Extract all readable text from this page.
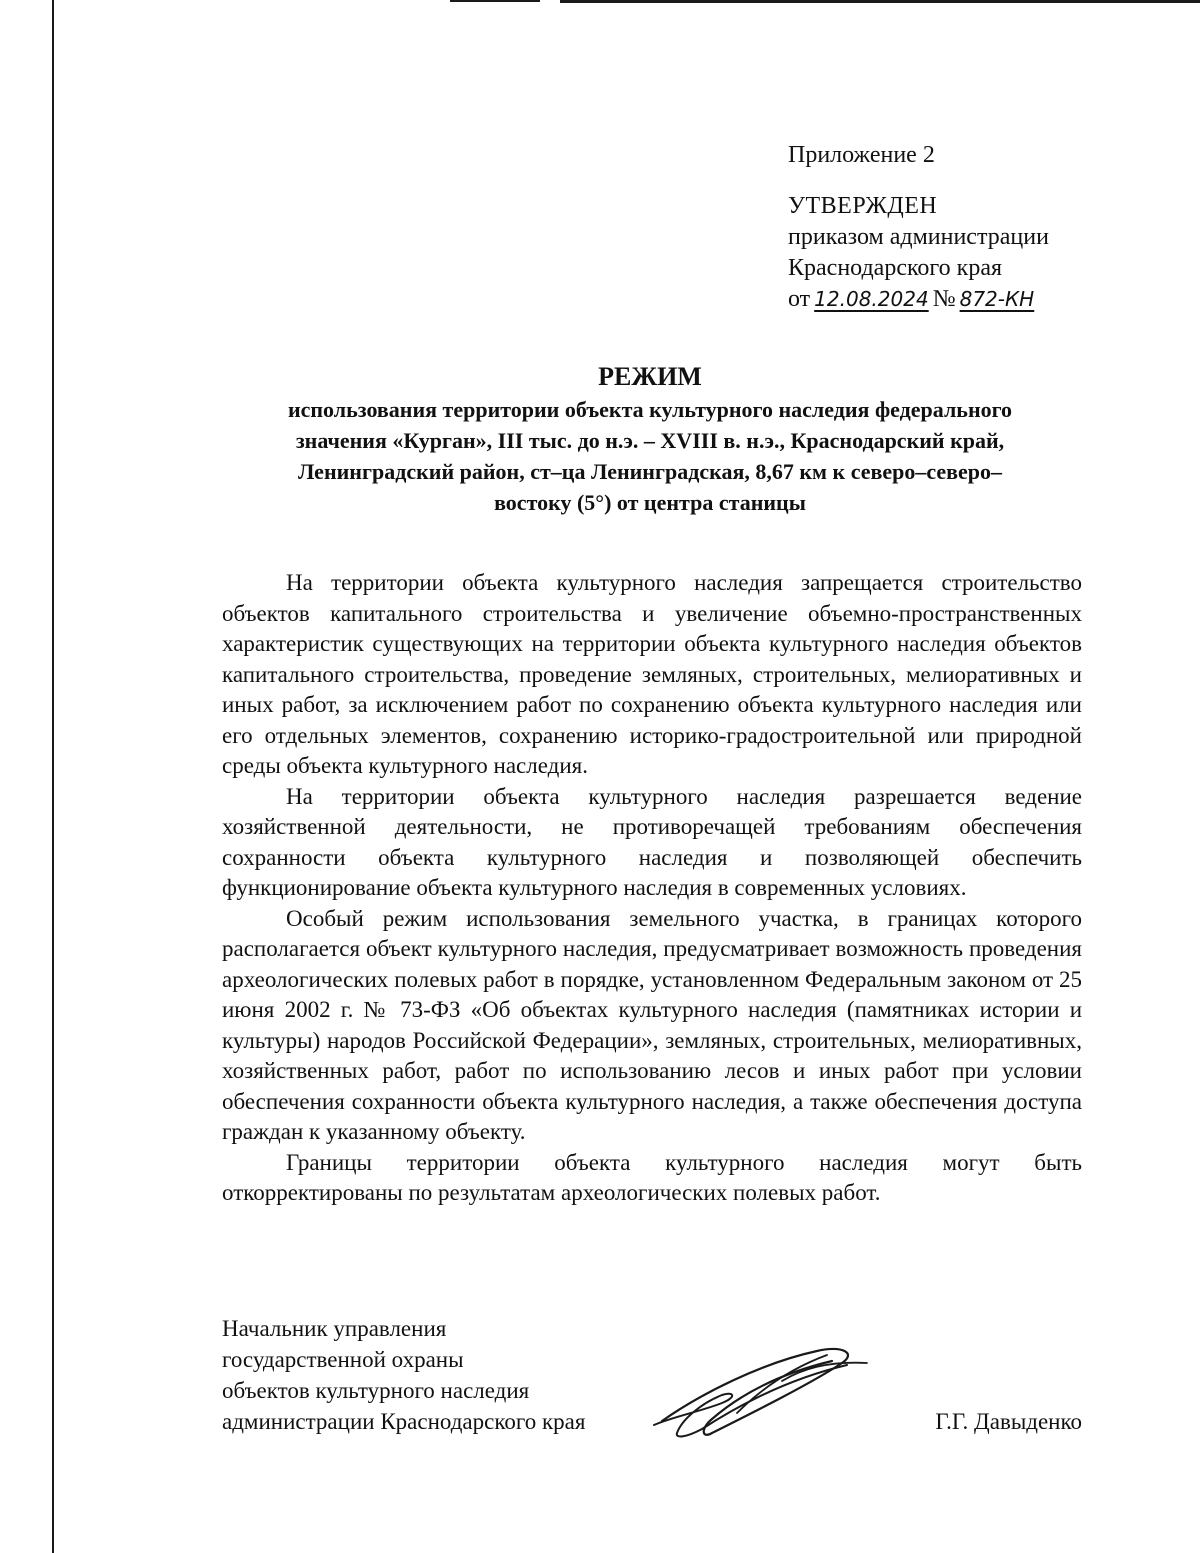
Приложение 2
УТВЕРЖДЕН
приказом администрации
Краснодарского края
от 12.08.2024 № 872-КН
РЕЖИМ
использования территории объекта культурного наследия федерального
значения «Курган», III тыс. до н.э. – XVIII в. н.э., Краснодарский край,
Ленинградский район, ст–ца Ленинградская, 8,67 км к северо–северо–
востоку (5°) от центра станицы

На территории объекта культурного наследия запрещается строительство объектов капитального строительства и увеличение объемно-пространственных характеристик существующих на территории объекта культурного наследия объектов капитального строительства, проведение земляных, строительных, мелиоративных и иных работ, за исключением работ по сохранению объекта культурного наследия или его отдельных элементов, сохранению историко-градостроительной или природной среды объекта культурного наследия.

На территории объекта культурного наследия разрешается ведение хозяйственной деятельности, не противоречащей требованиям обеспечения сохранности объекта культурного наследия и позволяющей обеспечить функционирование объекта культурного наследия в современных условиях.

Особый режим использования земельного участка, в границах которого располагается объект культурного наследия, предусматривает возможность проведения археологических полевых работ в порядке, установленном Федеральным законом от 25 июня 2002 г. № 73-ФЗ «Об объектах культурного наследия (памятниках истории и культуры) народов Российской Федерации», земляных, строительных, мелиоративных, хозяйственных работ, работ по использованию лесов и иных работ при условии обеспечения сохранности объекта культурного наследия, а также обеспечения доступа граждан к указанному объекту.

Границы территории объекта культурного наследия могут быть откорректированы по результатам археологических полевых работ.

Начальник управления
государственной охраны
объектов культурного наследия
администрации Краснодарского края	Г.Г. Давыденко
